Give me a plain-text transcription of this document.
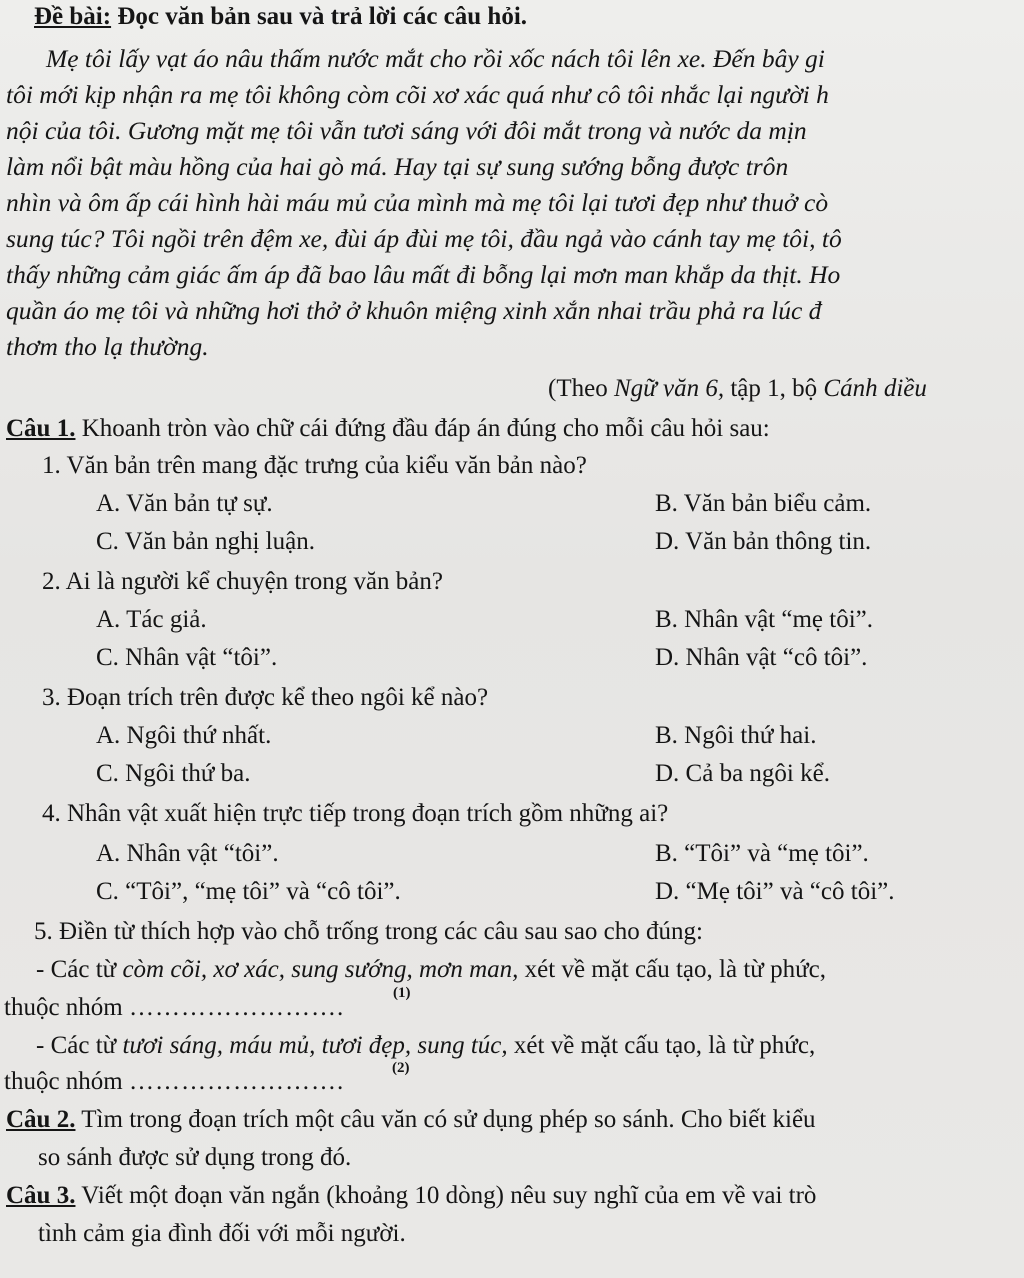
Đề bài: Đọc văn bản sau và trả lời các câu hỏi.
Mẹ tôi lấy vạt áo nâu thấm nước mắt cho rồi xốc nách tôi lên xe. Đến bây gi
tôi mới kịp nhận ra mẹ tôi không còm cõi xơ xác quá như cô tôi nhắc lại người h
nội của tôi. Gương mặt mẹ tôi vẫn tươi sáng với đôi mắt trong và nước da mịn
làm nổi bật màu hồng của hai gò má. Hay tại sự sung sướng bỗng được trôn
nhìn và ôm ấp cái hình hài máu mủ của mình mà mẹ tôi lại tươi đẹp như thuở cò
sung túc? Tôi ngồi trên đệm xe, đùi áp đùi mẹ tôi, đầu ngả vào cánh tay mẹ tôi, tô
thấy những cảm giác ấm áp đã bao lâu mất đi bỗng lại mơn man khắp da thịt. Ho
quần áo mẹ tôi và những hơi thở ở khuôn miệng xinh xắn nhai trầu phả ra lúc đ
thơm tho lạ thường.
(Theo Ngữ văn 6, tập 1, bộ Cánh diều
Câu 1. Khoanh tròn vào chữ cái đứng đầu đáp án đúng cho mỗi câu hỏi sau:
1. Văn bản trên mang đặc trưng của kiểu văn bản nào?
A. Văn bản tự sự.	B. Văn bản biểu cảm.
C. Văn bản nghị luận.	D. Văn bản thông tin.
2. Ai là người kể chuyện trong văn bản?
A. Tác giả.	B. Nhân vật “mẹ tôi”.
C. Nhân vật “tôi”.	D. Nhân vật “cô tôi”.
3. Đoạn trích trên được kể theo ngôi kể nào?
A. Ngôi thứ nhất.	B. Ngôi thứ hai.
C. Ngôi thứ ba.	D. Cả ba ngôi kể.
4. Nhân vật xuất hiện trực tiếp trong đoạn trích gồm những ai?
A. Nhân vật “tôi”.	B. “Tôi” và “mẹ tôi”.
C. “Tôi”, “mẹ tôi” và “cô tôi”.	D. “Mẹ tôi” và “cô tôi”.
5. Điền từ thích hợp vào chỗ trống trong các câu sau sao cho đúng:
- Các từ còm cõi, xơ xác, sung sướng, mơn man, xét về mặt cấu tạo, là từ phức,
thuộc nhóm …………………….
(1)
- Các từ tươi sáng, máu mủ, tươi đẹp, sung túc, xét về mặt cấu tạo, là từ phức,
thuộc nhóm …………………….	(2)
Câu 2. Tìm trong đoạn trích một câu văn có sử dụng phép so sánh. Cho biết kiểu
so sánh được sử dụng trong đó.
Câu 3. Viết một đoạn văn ngắn (khoảng 10 dòng) nêu suy nghĩ của em về vai trò
tình cảm gia đình đối với mỗi người.
